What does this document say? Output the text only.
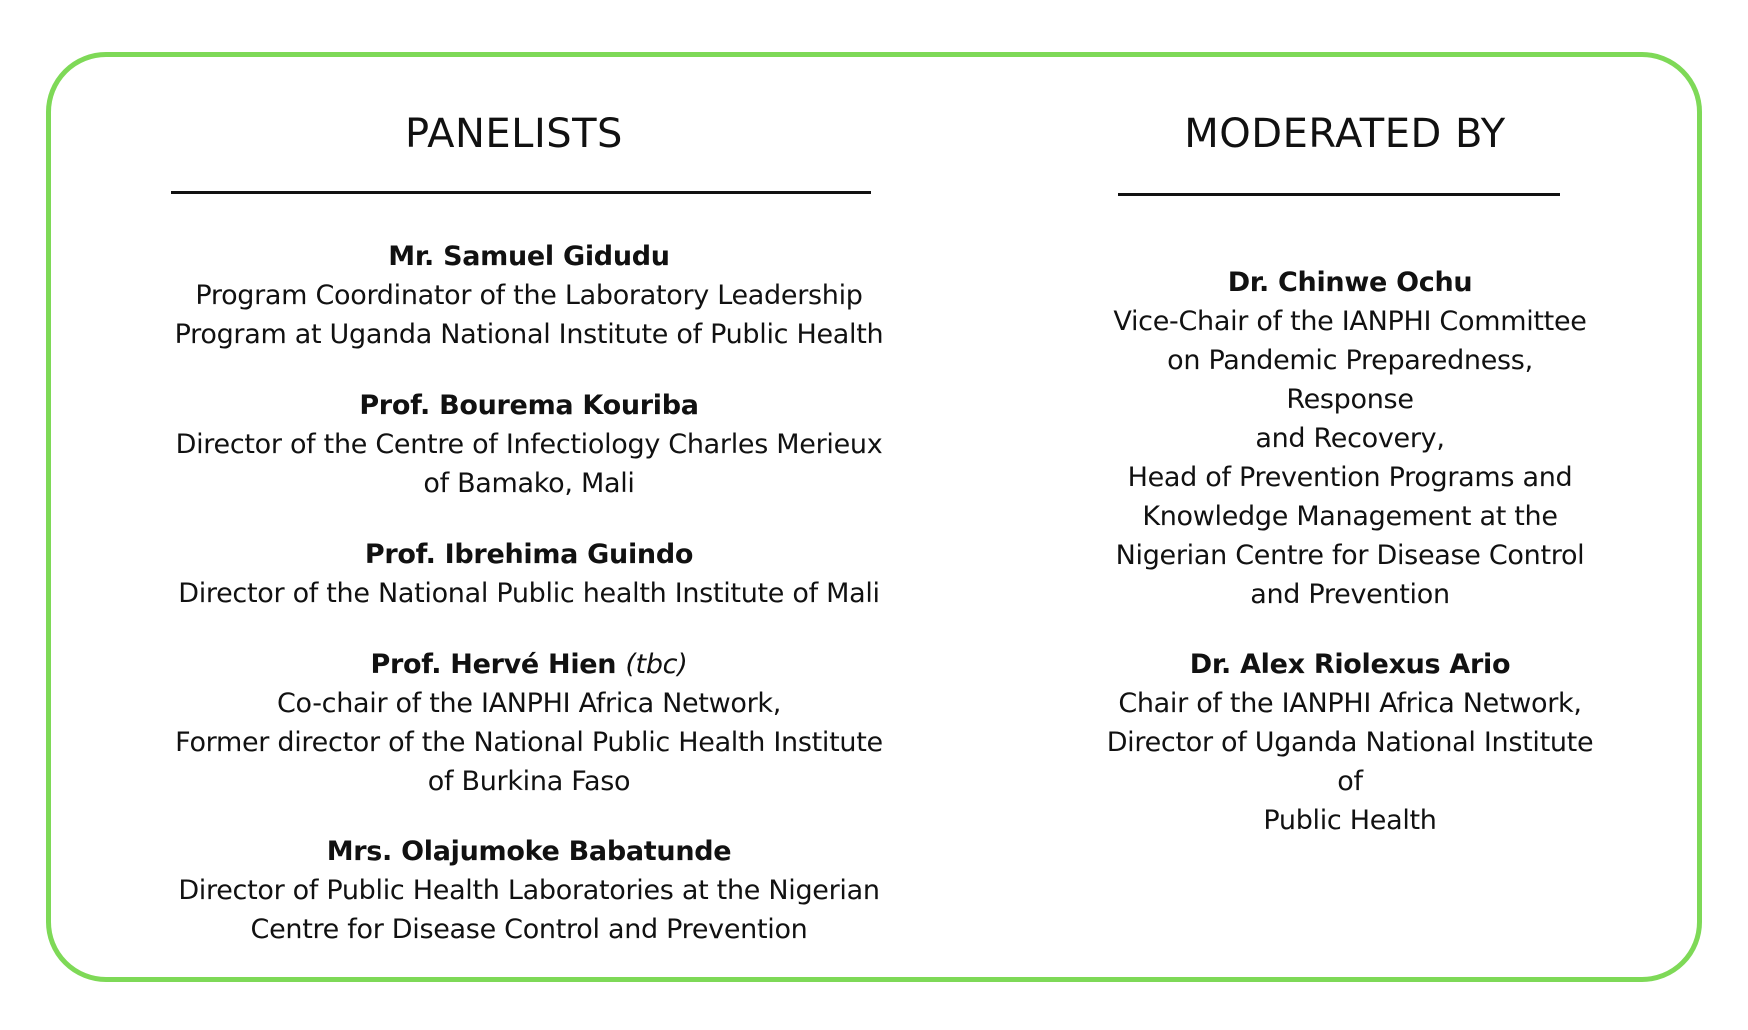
PANELISTS
Mr. Samuel Gidudu
Program Coordinator of the Laboratory Leadership
Program at Uganda National Institute of Public Health
Prof. Bourema Kouriba
Director of the Centre of Infectiology Charles Merieux
of Bamako, Mali
Prof. Ibrehima Guindo
Director of the National Public health Institute of Mali
Prof. Hervé Hien (tbc)
Co-chair of the IANPHI Africa Network,
Former director of the National Public Health Institute
of Burkina Faso
Mrs. Olajumoke Babatunde
Director of Public Health Laboratories at the Nigerian
Centre for Disease Control and Prevention
MODERATED BY
Dr. Chinwe Ochu
Vice-Chair of the IANPHI Committee
on Pandemic Preparedness, Response
and Recovery,
Head of Prevention Programs and
Knowledge Management at the
Nigerian Centre for Disease Control
and Prevention
Dr. Alex Riolexus Ario
Chair of the IANPHI Africa Network,
Director of Uganda National Institute of
Public Health
